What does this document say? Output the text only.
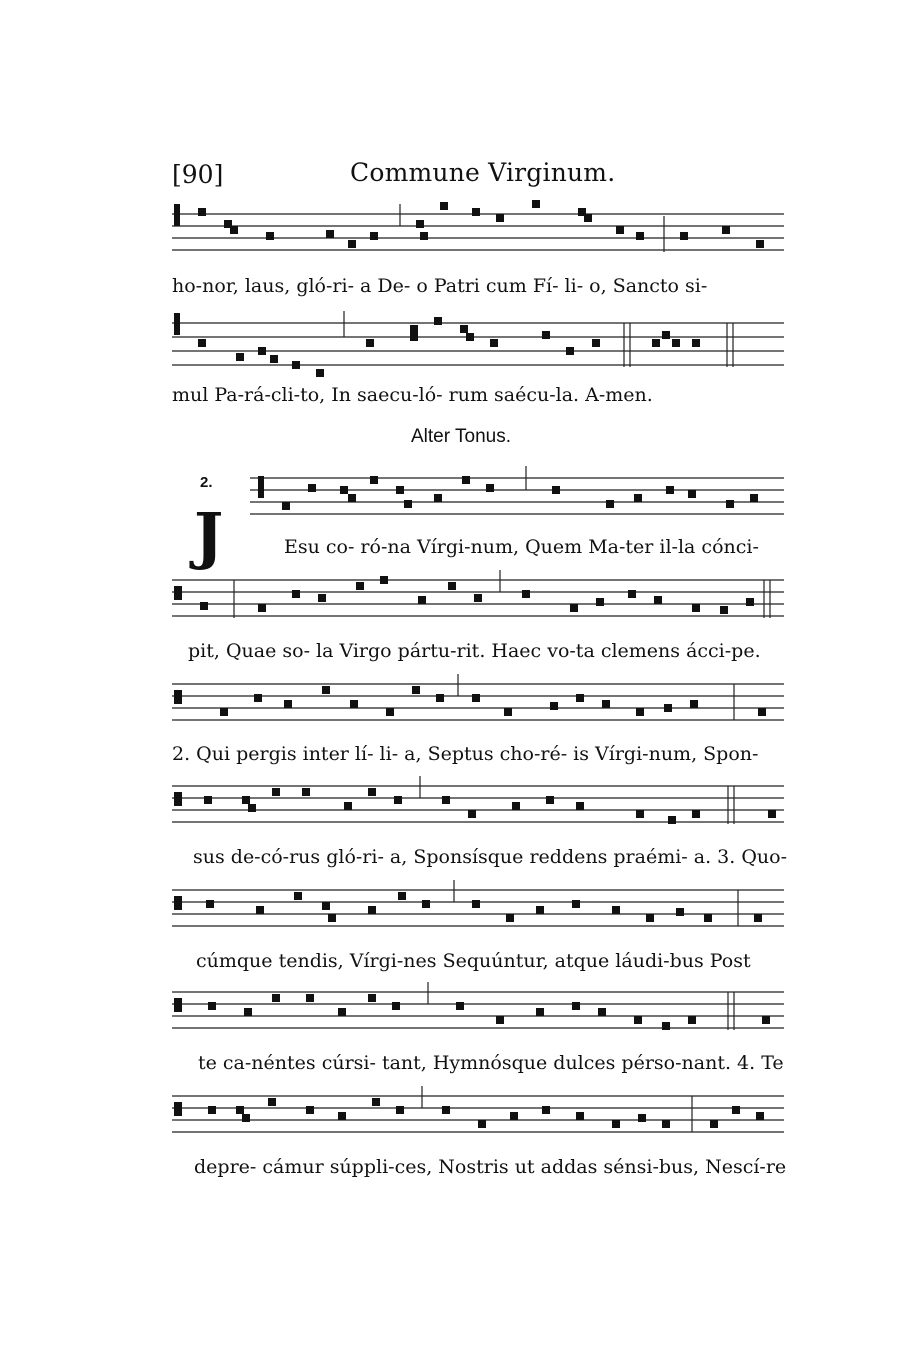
[90]	Commune Virginum.
ho-nor, laus, gló-ri- a De- o Patri cum Fí- li- o, Sancto si-
mul Pa-rá-cli-to, In saecu-ló- rum saécu-la. A-men.
Alter Tonus.
2.
J	Esu co- ró-na Vírgi-num, Quem Ma-ter il-la cónci-
pit, Quae so- la Virgo pártu-rit. Haec vo-ta clemens ácci-pe.
2. Qui pergis inter lí- li- a, Septus cho-ré- is Vírgi-num, Spon-
sus de-có-rus gló-ri- a, Sponsísque reddens praémi- a. 3. Quo-
cúmque tendis, Vírgi-nes Sequúntur, atque láudi-bus Post
te ca-néntes cúrsi- tant, Hymnósque dulces pérso-nant. 4. Te
depre- cámur súppli-ces, Nostris ut addas sénsi-bus, Nescí-re
